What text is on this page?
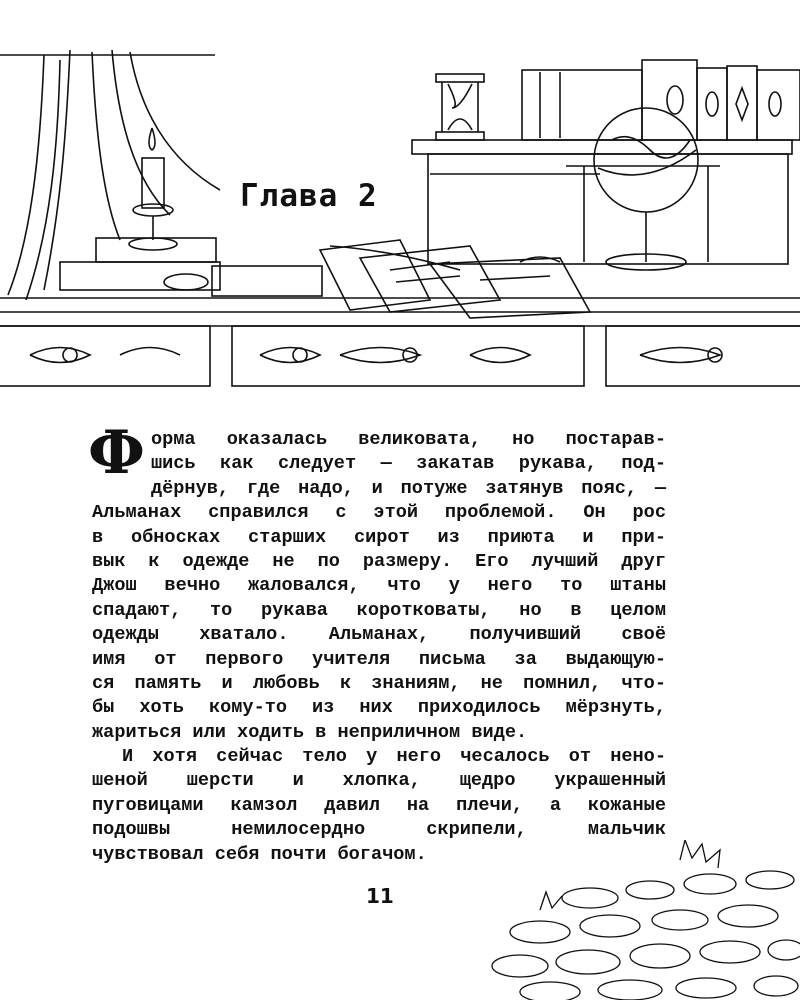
Глава 2
Ф орма оказалась великовата, но постарав-
шись как следует — закатав рукава, под-
дёрнув, где надо, и потуже затянув пояс, —
Альманах справился с этой проблемой. Он рос
в обносках старших сирот из приюта и при-
вык к одежде не по размеру. Его лучший друг
Джош вечно жаловался, что у него то штаны
спадают, то рукава коротковаты, но в целом
одежды хватало. Альманах, получивший своё
имя от первого учителя письма за выдающую-
ся память и любовь к знаниям, не помнил, что-
бы хоть кому-то из них приходилось мёрзнуть,
жариться или ходить в неприличном виде.
И хотя сейчас тело у него чесалось от нено-
шеной шерсти и хлопка, щедро украшенный
пуговицами камзол давил на плечи, а кожаные
подошвы немилосердно скрипели, мальчик
чувствовал себя почти богачом.
11
